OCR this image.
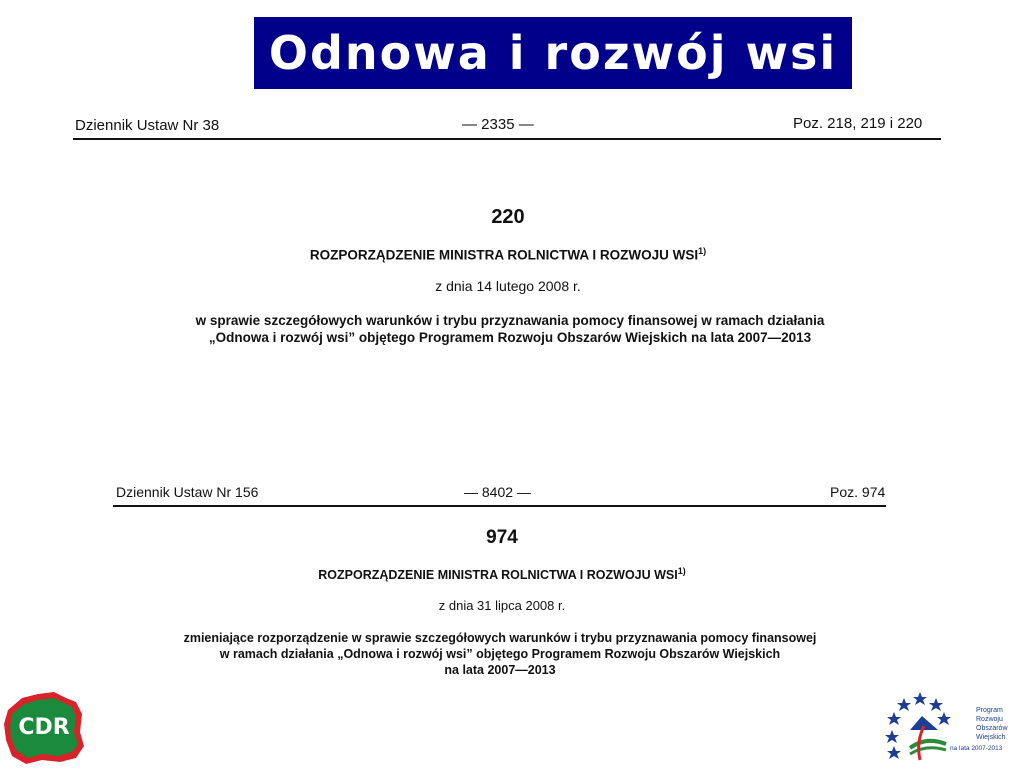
Odnowa i rozwój wsi
Dziennik Ustaw Nr 38	— 2335 —	Poz. 218, 219 i 220
220
ROZPORZĄDZENIE MINISTRA ROLNICTWA I ROZWOJU WSI$^{1)}$
z dnia 14 lutego 2008 r.
w sprawie szczegółowych warunków i trybu przyznawania pomocy finansowej w ramach działania
„Odnowa i rozwój wsi” objętego Programem Rozwoju Obszarów Wiejskich na lata 2007—2013
Dziennik Ustaw Nr 156	— 8402 —	Poz. 974
974
ROZPORZĄDZENIE MINISTRA ROLNICTWA I ROZWOJU WSI$^{1)}$
z dnia 31 lipca 2008 r.
zmieniające rozporządzenie w sprawie szczegółowych warunków i trybu przyznawania pomocy finansowej
w ramach działania „Odnowa i rozwój wsi” objętego Programem Rozwoju Obszarów Wiejskich
na lata 2007—2013
CDR
Program
Rozwoju
Obszarów
Wiejskich
na lata 2007-2013
